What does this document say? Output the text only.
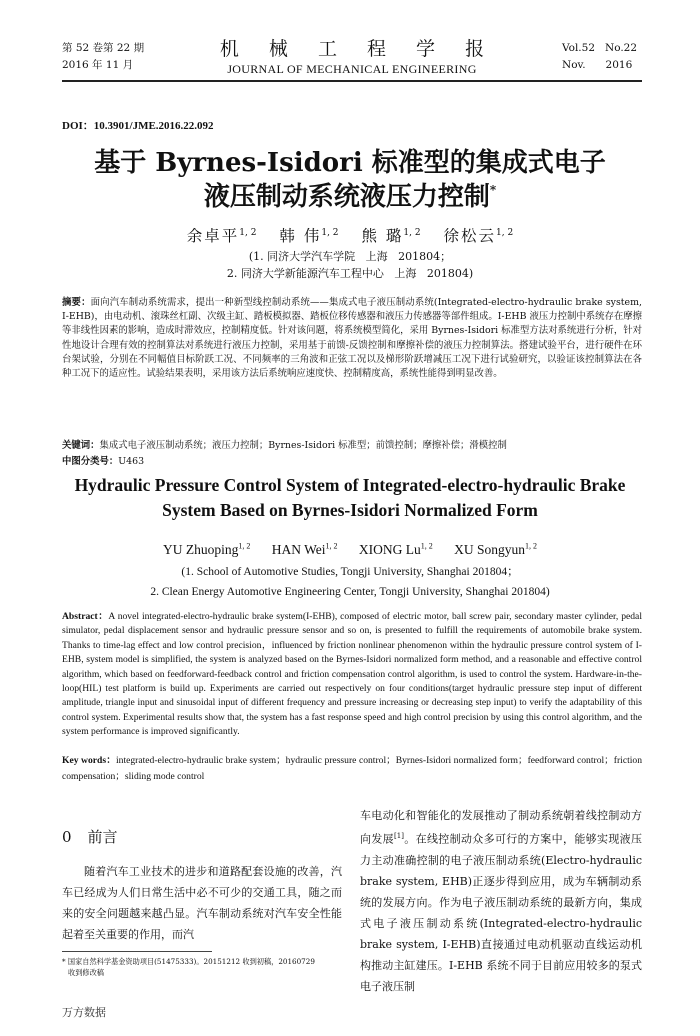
第 52 卷第 22 期
2016 年 11 月
机 械 工 程 学 报
JOURNAL OF MECHANICAL ENGINEERING
Vol.52   No.22
Nov.      2016
DOI：10.3901/JME.2016.22.092
基于 Byrnes-Isidori 标准型的集成式电子
液压制动系统液压力控制*
余卓平$^{1, 2}$ 韩 伟$^{1, 2}$ 熊 璐$^{1, 2}$ 徐松云$^{1, 2}$
(1. 同济大学汽车学院   上海   201804；
2. 同济大学新能源汽车工程中心   上海   201804)
摘要：面向汽车制动系统需求，提出一种新型线控制动系统——集成式电子液压制动系统(Integrated-electro-hydraulic brake system, I-EHB)，由电动机、滚珠丝杠副、次级主缸、踏板模拟器、踏板位移传感器和液压力传感器等部件组成。I-EHB 液压力控制中系统存在摩擦等非线性因素的影响，造成时滞效应，控制精度低。针对该问题，将系统模型简化，采用 Byrnes-Isidori 标准型方法对系统进行分析，针对性地设计合理有效的控制算法对系统进行液压力控制，采用基于前馈-反馈控制和摩擦补偿的液压力控制算法。搭建试验平台，进行硬件在环台架试验，分别在不同幅值目标阶跃工况、不同频率的三角波和正弦工况以及梯形阶跃增减压工况下进行试验研究，以验证该控制算法在各种工况下的适应性。试验结果表明，采用该方法后系统响应速度快、控制精度高，系统性能得到明显改善。
关键词：集成式电子液压制动系统；液压力控制；Byrnes-Isidori 标准型；前馈控制；摩擦补偿；滑模控制
中图分类号：U463
Hydraulic Pressure Control System of Integrated-electro-hydraulic Brake
System Based on Byrnes-Isidori Normalized Form
YU Zhuoping$^{1, 2}$ HAN Wei$^{1, 2}$ XIONG Lu$^{1, 2}$ XU Songyun$^{1, 2}$
(1. School of Automotive Studies, Tongji University, Shanghai 201804；
2. Clean Energy Automotive Engineering Center, Tongji University, Shanghai 201804)
Abstract：A novel integrated-electro-hydraulic brake system(I-EHB), composed of electric motor, ball screw pair, secondary master cylinder, pedal simulator, pedal displacement sensor and hydraulic pressure sensor and so on, is presented to fulfill the requirements of automobile brake system. Thanks to time-lag effect and low control precision，influenced by friction nonlinear phenomenon within the hydraulic pressure control system of I-EHB, system model is simplified, the system is analyzed based on the Byrnes-Isidori normalized form method, and a reasonable and effective control algorithm, which based on feedforward-feedback control and friction compensation control algorithm, is used to control the system. Hardware-in-the-loop(HIL) test platform is build up. Experiments are carried out respectively on four conditions(target hydraulic pressure step input of different amplitude, triangle input and sinusoidal input of different frequency and pressure increasing or decreasing step input) to verify the adaptability of this control system. Experimental results show that, the system has a fast response speed and high control precision by using this control algorithm, and the system performance is improved significantly.
Key words：integrated-electro-hydraulic brake system；hydraulic pressure control；Byrnes-Isidori normalized form；feedforward control；friction compensation；sliding mode control
0 前言

随着汽车工业技术的进步和道路配套设施的改善，汽车已经成为人们日常生活中必不可少的交通工具，随之而来的安全问题越来越凸显。汽车制动系统对汽车安全性能起着至关重要的作用，而汽

车电动化和智能化的发展推动了制动系统朝着线控制动方向发展[1]。在线控制动众多可行的方案中，能够实现液压力主动准确控制的电子液压制动系统(Electro-hydraulic brake system, EHB)正逐步得到应用，成为车辆制动系统的发展方向。作为电子液压制动系统的最新方向，集成式电子液压制动系统(Integrated-electro-hydraulic brake system, I-EHB)直接通过电动机驱动直线运动机构推动主缸建压。I-EHB 系统不同于目前应用较多的泵式电子液压制

* 国家自然科学基金资助项目(51475333)。20151212 收到初稿，20160729
收到修改稿
万方数据
